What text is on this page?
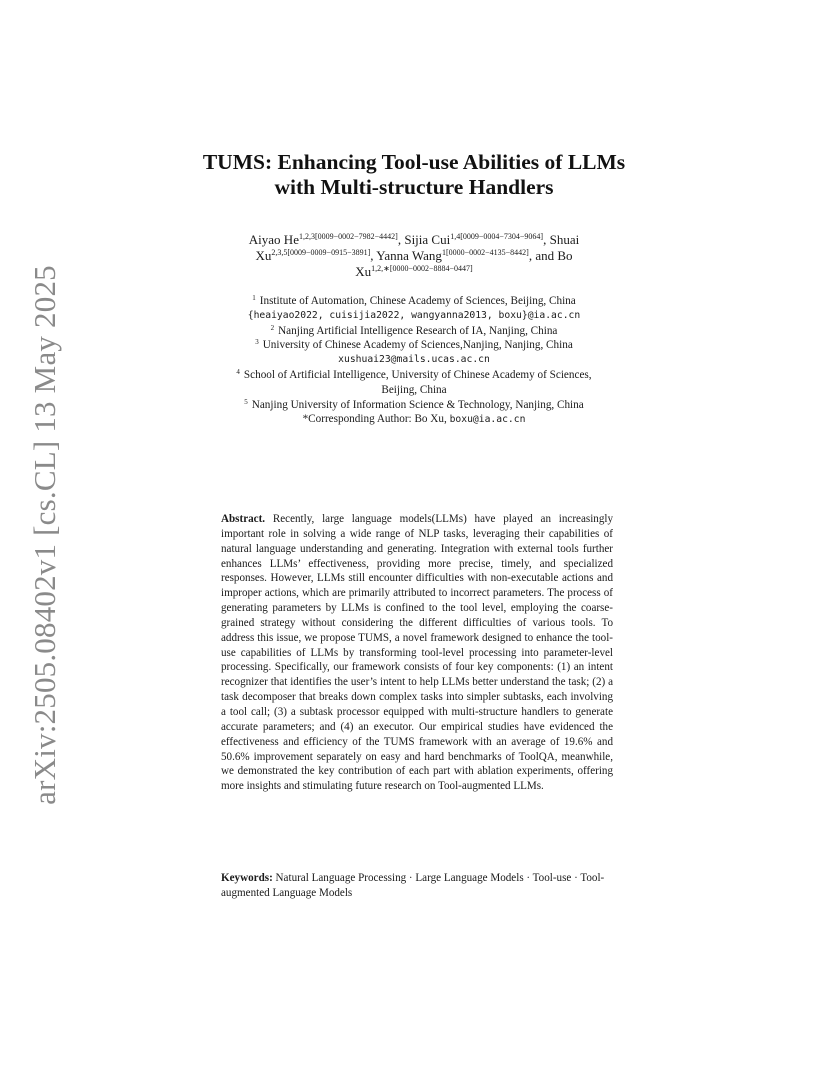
arXiv:2505.08402v1 [cs.CL] 13 May 2025
TUMS: Enhancing Tool-use Abilities of LLMs
with Multi-structure Handlers
Aiyao $He^{1,2,3[0009-0002-7982-4442]}$, Sijia Cui$^{1,4[0009-0004-7304-9064]}$, Shuai $Xu^{2,3,5[0009-0009-0915-3891]}$, Yanna Wang$^{1[0000-0002-4135-8442]}$, and Bo $Xu^{1,2,∗[0000-0002-8884-0447]}$
$^1$ Institute of Automation, Chinese Academy of Sciences, Beijing, China
{heaiyao2022, cuisijia2022, wangyanna2013, boxu}@ia.ac.cn
$^2$ Nanjing Artificial Intelligence Research of IA, Nanjing, China
$^3$ University of Chinese Academy of Sciences,Nanjing, Nanjing, China
xushuai23@mails.ucas.ac.cn
$^4$ School of Artificial Intelligence, University of Chinese Academy of Sciences,
Beijing, China
$^5$ Nanjing University of Information Science & Technology, Nanjing, China
*Corresponding Author: Bo Xu, boxu@ia.ac.cn
Abstract. Recently, large language models(LLMs) have played an increasingly important role in solving a wide range of NLP tasks, leveraging their capabilities of natural language understanding and generating. Integration with external tools further enhances LLMs’ effectiveness, providing more precise, timely, and specialized responses. However, LLMs still encounter difficulties with non-executable actions and improper actions, which are primarily attributed to incorrect parameters. The process of generating parameters by LLMs is confined to the tool level, employing the coarse-grained strategy without considering the different difficulties of various tools. To address this issue, we propose TUMS, a novel framework designed to enhance the tool-use capabilities of LLMs by transforming tool-level processing into parameter-level processing. Specifically, our framework consists of four key components: (1) an intent recognizer that identifies the user’s intent to help LLMs better understand the task; (2) a task decomposer that breaks down complex tasks into simpler subtasks, each involving a tool call; (3) a subtask processor equipped with multi-structure handlers to generate accurate parameters; and (4) an executor. Our empirical studies have evidenced the effectiveness and efficiency of the TUMS framework with an average of 19.6% and 50.6% improvement separately on easy and hard benchmarks of ToolQA, meanwhile, we demonstrated the key contribution of each part with ablation experiments, offering more insights and stimulating future research on Tool-augmented LLMs.
Keywords: Natural Language Processing · Large Language Models · Tool-use · Tool-augmented Language Models
